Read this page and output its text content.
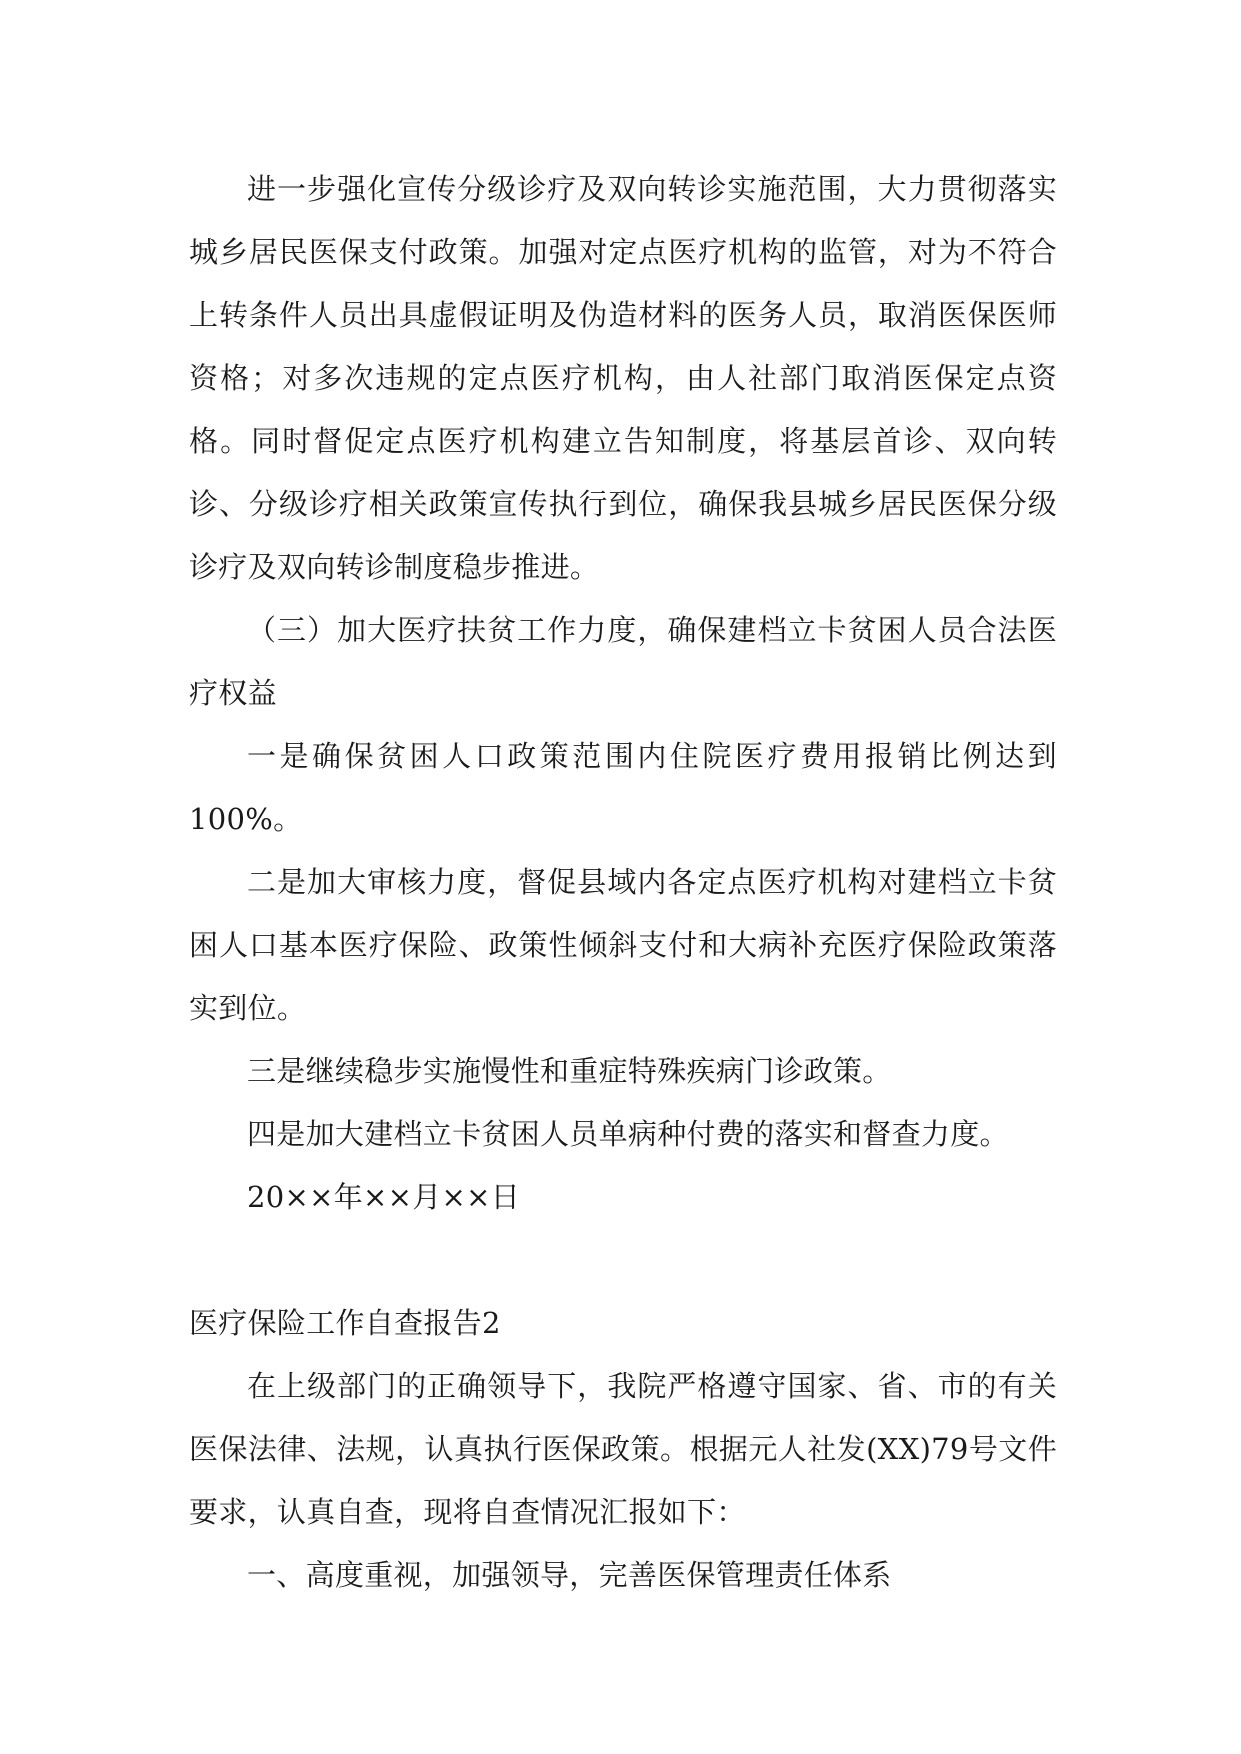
进一步强化宣传分级诊疗及双向转诊实施范围，大力贯彻落实城乡居民医保支付政策。加强对定点医疗机构的监管，对为不符合上转条件人员出具虚假证明及伪造材料的医务人员，取消医保医师资格；对多次违规的定点医疗机构，由人社部门取消医保定点资格。同时督促定点医疗机构建立告知制度，将基层首诊、双向转诊、分级诊疗相关政策宣传执行到位，确保我县城乡居民医保分级诊疗及双向转诊制度稳步推进。

（三）加大医疗扶贫工作力度，确保建档立卡贫困人员合法医疗权益

一是确保贫困人口政策范围内住院医疗费用报销比例达到100%。

二是加大审核力度，督促县域内各定点医疗机构对建档立卡贫困人口基本医疗保险、政策性倾斜支付和大病补充医疗保险政策落实到位。

三是继续稳步实施慢性和重症特殊疾病门诊政策。

四是加大建档立卡贫困人员单病种付费的落实和督查力度。

20××年××月××日

医疗保险工作自查报告2

在上级部门的正确领导下，我院严格遵守国家、省、市的有关医保法律、法规，认真执行医保政策。根据元人社发(XX)79号文件要求，认真自查，现将自查情况汇报如下：

一、高度重视，加强领导，完善医保管理责任体系
